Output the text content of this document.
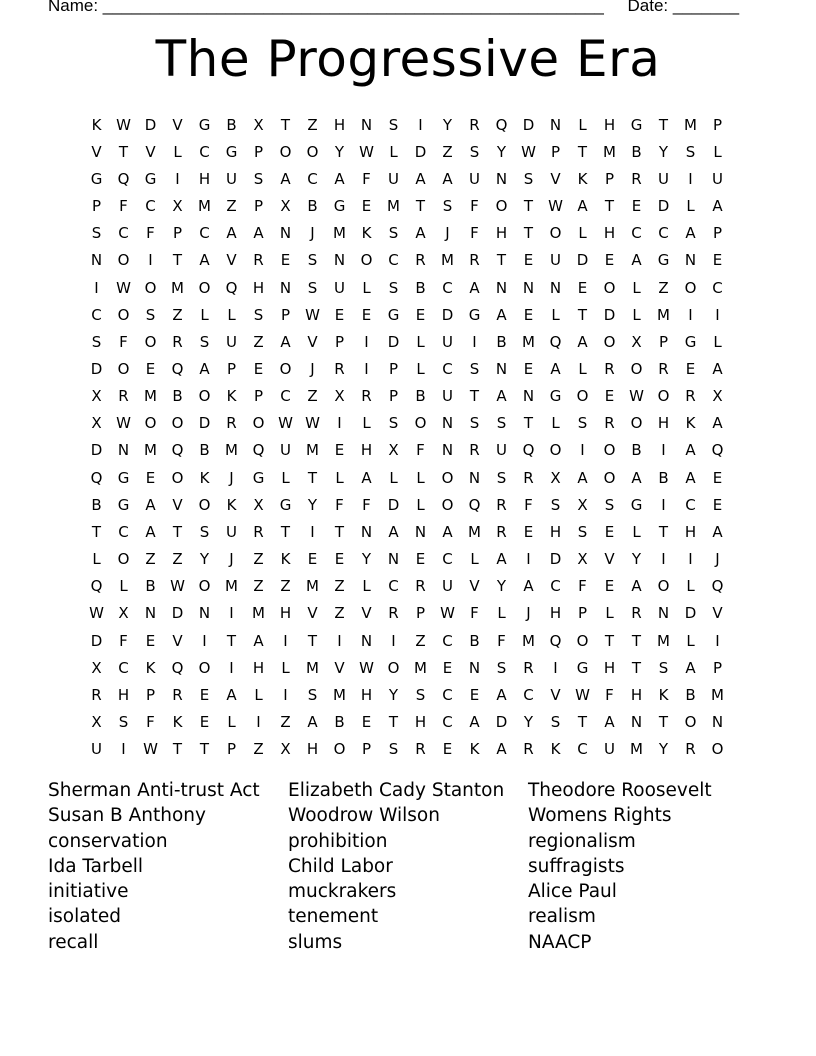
Name: _____________________________________________________     Date: _______
The Progressive Era
K W D	V	G	B	X	T	Z	H	N	S	I	Y	R	Q	D	N	L	H	G	T	M	P
V	T	V	L	C	G	P	O	O	Y	W	L	D	Z	S	Y	W	P	T	M	B	Y	S	L
G	Q	G	I	H	U	S	A	C	A	F	U	A	A	U	N	S	V	K	P	R	U	I	U
P	F	C	X	M	Z	P	X	B	G	E	M	T	S	F	O	T	W A	T	E	D	L	A
S	C	F	P	C	A	A	N	J	M	K	S	A	J	F	H	T	O	L	H	C	C	A	P
N	O	I	T	A	V	R	E	S	N	O	C	R	M	R	T	E	U	D	E	A	G	N	E
I	W O M O	Q	H	N	S	U	L	S	B	C	A	N	N	N	E	O	L	Z	O	C
C	O	S	Z	L	L	S	P	W E	E	G	E	D	G	A	E	L	T	D	L	M	I	I
S	F	O	R	S	U	Z	A	V	P	I	D	L	U	I	B	M Q	A	O	X	P	G	L
D	O	E	Q	A	P	E	O	J	R	I	P	L	C	S	N	E	A	L	R	O	R	E	A
X	R	M	B	O	K	P	C	Z	X	R	P	B	U	T	A	N	G	O	E W O	R	X
X W O	O	D	R	O W W	I	L	S	O	N	S	S	T	L	S	R	O	H	K	A
D	N M Q	B	M Q	U	M	E	H	X	F	N	R	U	Q	O	I	O	B	I	A	Q
Q	G	E	O	K	J	G	L	T	L	A	L	L	O	N	S	R	X	A	O	A	B	A	E
B	G	A	V	O	K	X	G	Y	F	F	D	L	O	Q	R	F	S	X	S	G	I	C	E
T	C	A	T	S	U	R	T	I	T	N	A	N	A	M	R	E	H	S	E	L	T	H	A
L	O	Z	Z	Y	J	Z	K	E	E	Y	N	E	C	L	A	I	D	X	V	Y	I	I	J
Q	L	B W O M	Z	Z	M	Z	L	C	R	U	V	Y	A	C	F	E	A	O	L	Q
W X	N	D	N	I	M H	V	Z	V	R	P	W	F	L	J	H	P	L	R	N	D	V
D	F	E	V	I	T	A	I	T	I	N	I	Z	C	B	F	M Q	O	T	T	M	L	I
X	C	K	Q	O	I	H	L	M	V W O M	E	N	S	R	I	G	H	T	S	A	P
R	H	P	R	E	A	L	I	S	M H	Y	S	C	E	A	C	V W	F	H	K	B	M
X	S	F	K	E	L	I	Z	A	B	E	T	H	C	A	D	Y	S	T	A	N	T	O	N
U	I	W T	T	P	Z	X	H	O	P	S	R	E	K	A	R	K	C	U	M	Y	R	O
Sherman Anti-trust Act	Elizabeth Cady Stanton	Theodore Roosevelt
Susan B Anthony	Woodrow Wilson	Womens Rights
conservation	prohibition	regionalism
Ida Tarbell	Child Labor	suffragists
initiative	muckrakers	Alice Paul
isolated	tenement	realism
recall	slums	NAACP
